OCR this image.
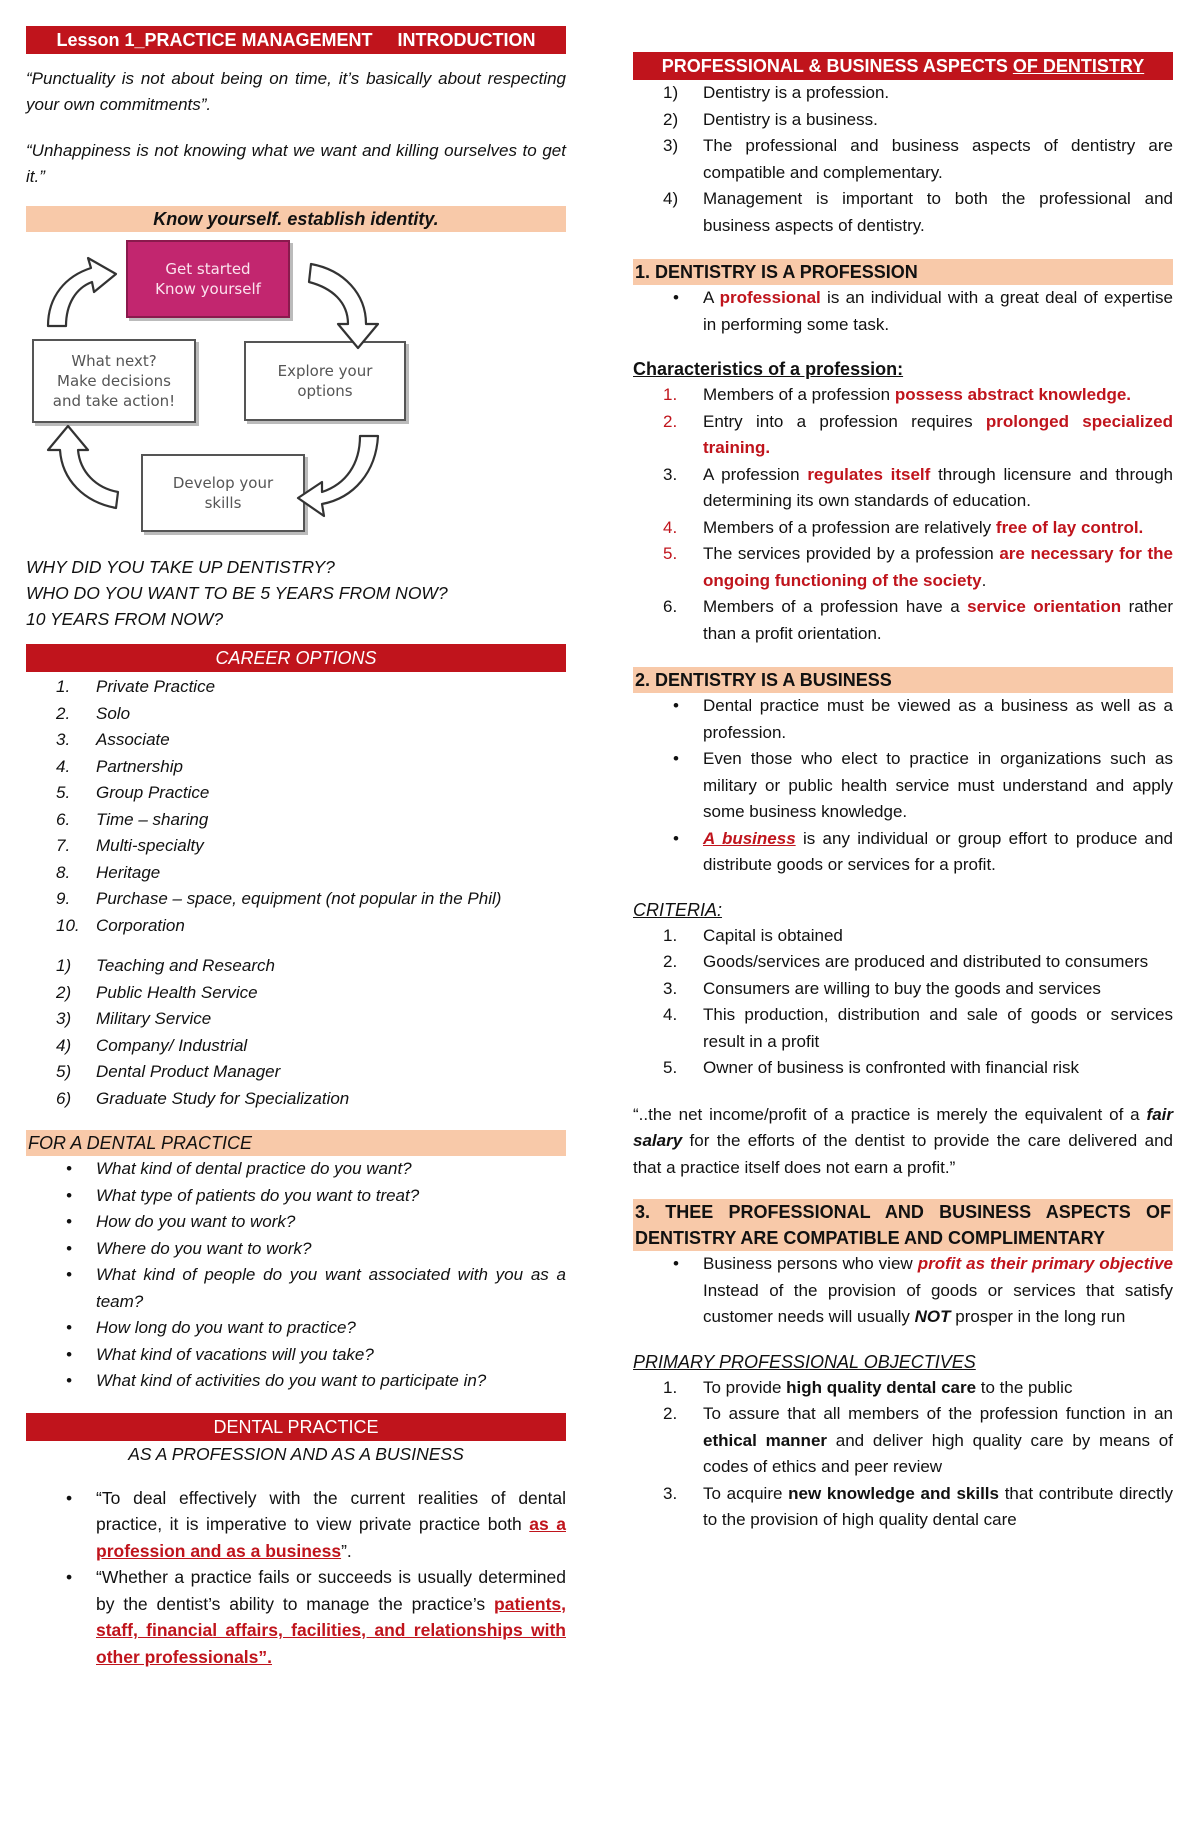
Lesson 1_PRACTICE MANAGEMENT     INTRODUCTION

“Punctuality is not about being on time, it’s basically about respecting your own commitments”.

“Unhappiness is not knowing what we want and killing ourselves to get it.”

Know yourself. establish identity.
Get started
Know yourself
Explore your
options
Develop your
skills
What next?
Make decisions
and take action!
WHY DID YOU TAKE UP DENTISTRY?
WHO DO YOU WANT TO BE 5 YEARS FROM NOW?
10 YEARS FROM NOW?
CAREER OPTIONS
1. Private Practice
2. Solo
3. Associate
4. Partnership
5. Group Practice
6. Time – sharing
7. Multi-specialty
8. Heritage
9. Purchase – space, equipment (not popular in the Phil)
10. Corporation
1) Teaching and Research
2) Public Health Service
3) Military Service
4) Company/ Industrial
5) Dental Product Manager
6) Graduate Study for Specialization
FOR A DENTAL PRACTICE
• What kind of dental practice do you want?
• What type of patients do you want to treat?
• How do you want to work?
• Where do you want to work?
• What kind of people do you want associated with you as a team?
• How long do you want to practice?
• What kind of vacations will you take?
• What kind of activities do you want to participate in?
DENTAL PRACTICE
AS A PROFESSION AND AS A BUSINESS
• “To deal effectively with the current realities of dental practice, it is imperative to view private practice both as a profession and as a business”.
• “Whether a practice fails or succeeds is usually determined by the dentist’s ability to manage the practice’s patients, staff, financial affairs, facilities, and relationships with other professionals”.
PROFESSIONAL & BUSINESS ASPECTS OF DENTISTRY
1) Dentistry is a profession.
2) Dentistry is a business.
3) The professional and business aspects of dentistry are compatible and complementary.
4) Management is important to both the professional and business aspects of dentistry.
1. DENTISTRY IS A PROFESSION
• A professional is an individual with a great deal of expertise in performing some task.
Characteristics of a profession:
1. Members of a profession possess abstract knowledge.
2. Entry into a profession requires prolonged specialized training.
3. A profession regulates itself through licensure and through determining its own standards of education.
4. Members of a profession are relatively free of lay control.
5. The services provided by a profession are necessary for the ongoing functioning of the society.
6. Members of a profession have a service orientation rather than a profit orientation.
2. DENTISTRY IS A BUSINESS
• Dental practice must be viewed as a business as well as a profession.
• Even those who elect to practice in organizations such as military or public health service must understand and apply some business knowledge.
• A business is any individual or group effort to produce and distribute goods or services for a profit.
CRITERIA:
1. Capital is obtained
2. Goods/services are produced and distributed to consumers
3. Consumers are willing to buy the goods and services
4. This production, distribution and sale of goods or services result in a profit
5. Owner of business is confronted with financial risk

“..the net income/profit of a practice is merely the equivalent of a fair salary for the efforts of the dentist to provide the care delivered and that a practice itself does not earn a profit.”

3. THEE PROFESSIONAL AND BUSINESS ASPECTS OF DENTISTRY ARE COMPATIBLE AND COMPLIMENTARY
• Business persons who view profit as their primary objective Instead of the provision of goods or services that satisfy customer needs will usually NOT prosper in the long run
PRIMARY PROFESSIONAL OBJECTIVES
1. To provide high quality dental care to the public
2. To assure that all members of the profession function in an ethical manner and deliver high quality care by means of codes of ethics and peer review
3. To acquire new knowledge and skills that contribute directly to the provision of high quality dental care
